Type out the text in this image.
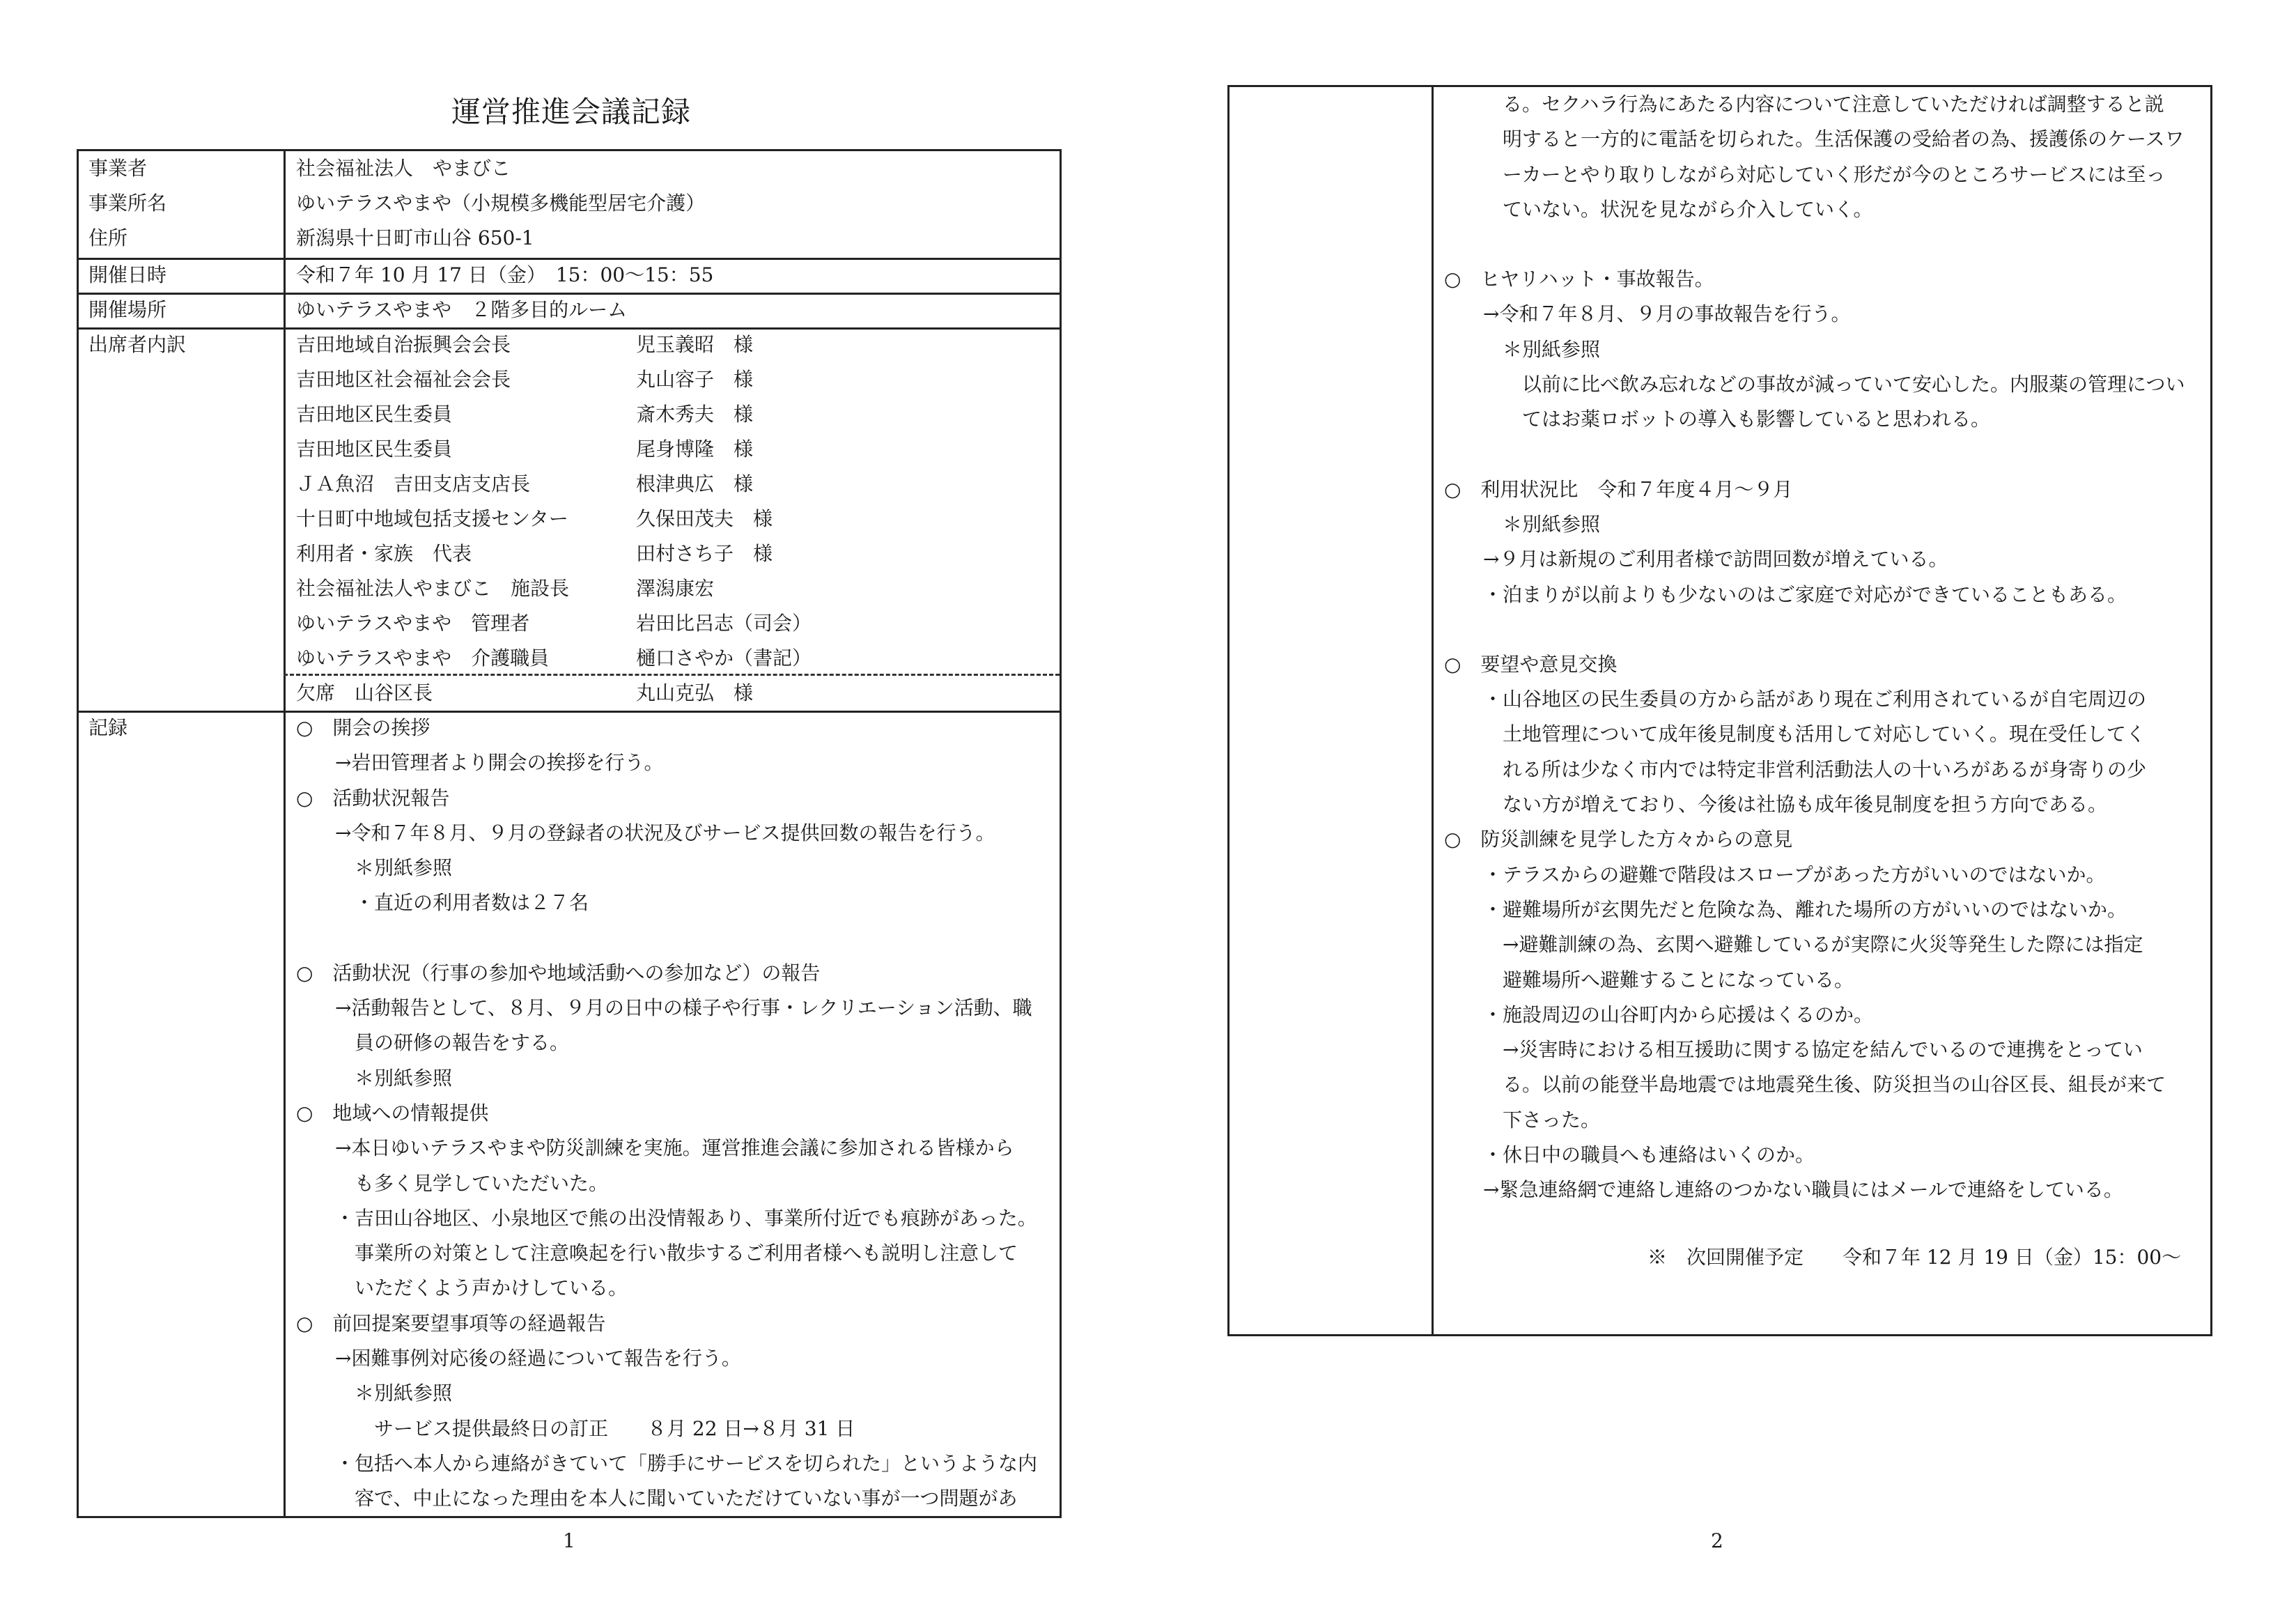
運営推進会議記録
事業者	社会福祉法人　やまびこ
事業所名	ゆいテラスやまや（小規模多機能型居宅介護）
住所	新潟県十日町市山谷 650-1
開催日時	令和７年 10 月 17 日（金）　15：00〜15：55
開催場所	ゆいテラスやまや　２階多目的ルーム
出席者内訳	吉田地域自治振興会会長	児玉義昭　様
吉田地区社会福祉会会長	丸山容子　様
吉田地区民生委員	斎木秀夫　様
吉田地区民生委員	尾身博隆　様
ＪＡ魚沼　吉田支店支店長	根津典広　様
十日町中地域包括支援センター	久保田茂夫　様
利用者・家族　代表	田村さち子　様
社会福祉法人やまびこ　施設長	澤潟康宏
ゆいテラスやまや　管理者	岩田比呂志（司会）
ゆいテラスやまや　介護職員	樋口さやか（書記）
欠席　山谷区長	丸山克弘　様
記録	○　開会の挨拶
→岩田管理者より開会の挨拶を行う。
○　活動状況報告
→令和７年８月、９月の登録者の状況及びサービス提供回数の報告を行う。
＊別紙参照
・直近の利用者数は２７名
○　活動状況（行事の参加や地域活動への参加など）の報告
→活動報告として、８月、９月の日中の様子や行事・レクリエーション活動、職
　員の研修の報告をする。
＊別紙参照
○　地域への情報提供
→本日ゆいテラスやまや防災訓練を実施。運営推進会議に参加される皆様から
　も多く見学していただいた。
・吉田山谷地区、小泉地区で熊の出没情報あり、事業所付近でも痕跡があった。
　事業所の対策として注意喚起を行い散歩するご利用者様へも説明し注意して
　いただくよう声かけしている。
○　前回提案要望事項等の経過報告
→困難事例対応後の経過について報告を行う。
＊別紙参照
サービス提供最終日の訂正　　８月 22 日→８月 31 日
・包括へ本人から連絡がきていて「勝手にサービスを切られた」というような内
　容で、中止になった理由を本人に聞いていただけていない事が一つ問題があ
1
　る。セクハラ行為にあたる内容について注意していただければ調整すると説
　明すると一方的に電話を切られた。生活保護の受給者の為、援護係のケースワ
　ーカーとやり取りしながら対応していく形だが今のところサービスには至っ
　ていない。状況を見ながら介入していく。
○　ヒヤリハット・事故報告。
→令和７年８月、９月の事故報告を行う。
＊別紙参照
　以前に比べ飲み忘れなどの事故が減っていて安心した。内服薬の管理につい
　てはお薬ロボットの導入も影響していると思われる。
○　利用状況比　令和７年度４月〜９月
＊別紙参照
→９月は新規のご利用者様で訪問回数が増えている。
・泊まりが以前よりも少ないのはご家庭で対応ができていることもある。
○　要望や意見交換
・山谷地区の民生委員の方から話があり現在ご利用されているが自宅周辺の
　土地管理について成年後見制度も活用して対応していく。現在受任してく
　れる所は少なく市内では特定非営利活動法人の十いろがあるが身寄りの少
　ない方が増えており、今後は社協も成年後見制度を担う方向である。
○　防災訓練を見学した方々からの意見
・テラスからの避難で階段はスロープがあった方がいいのではないか。
・避難場所が玄関先だと危険な為、離れた場所の方がいいのではないか。
　→避難訓練の為、玄関へ避難しているが実際に火災等発生した際には指定
　避難場所へ避難することになっている。
・施設周辺の山谷町内から応援はくるのか。
　→災害時における相互援助に関する協定を結んでいるので連携をとってい
　る。以前の能登半島地震では地震発生後、防災担当の山谷区長、組長が来て
　下さった。
・休日中の職員へも連絡はいくのか。
→緊急連絡網で連絡し連絡のつかない職員にはメールで連絡をしている。
※　次回開催予定　　令和７年 12 月 19 日（金）15：00〜
2
